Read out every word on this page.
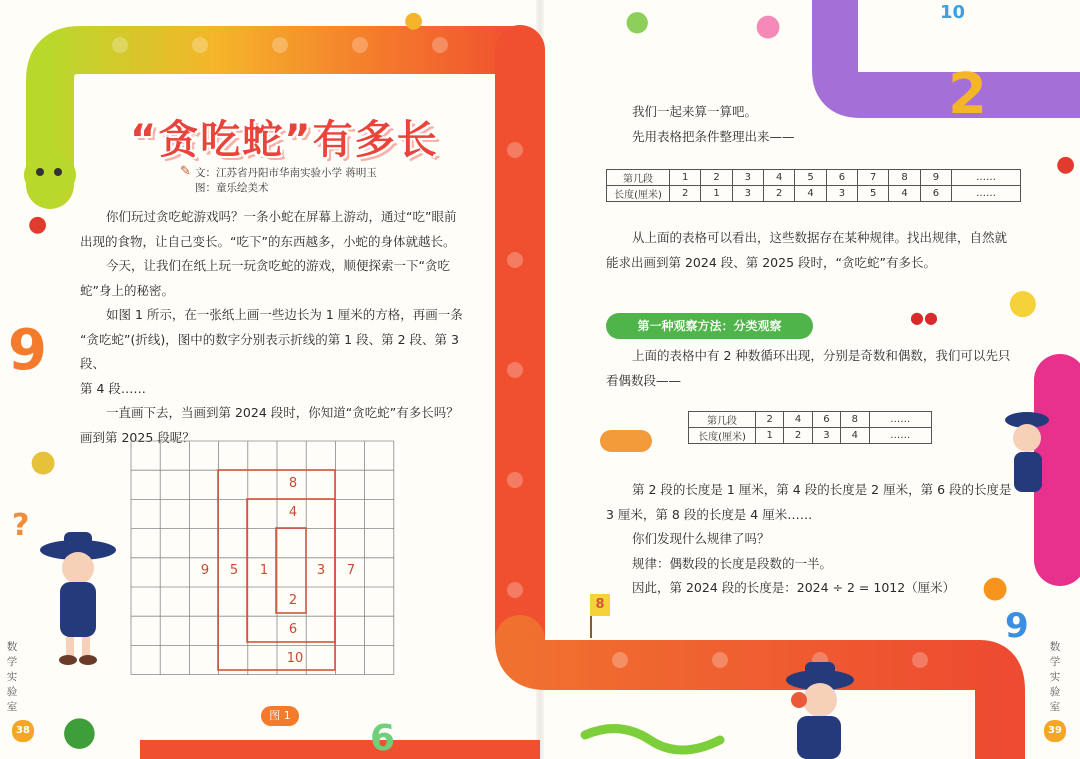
“贪吃蛇”有多长
文：江苏省丹阳市华南实验小学 蒋明玉
图：童乐绘美术
✎
你们玩过贪吃蛇游戏吗？一条小蛇在屏幕上游动，通过“吃”眼前
出现的食物，让自己变长。“吃下”的东西越多，小蛇的身体就越长。
今天，让我们在纸上玩一玩贪吃蛇的游戏，顺便探索一下“贪吃
蛇”身上的秘密。
如图 1 所示，在一张纸上画一些边长为 1 厘米的方格，再画一条
“贪吃蛇”(折线)，图中的数字分别表示折线的第 1 段、第 2 段、第 3 段、
第 4 段……
一直画下去，当画到第 2024 段时，你知道“贪吃蛇”有多长吗？
画到第 2025 段呢？
8
4
9	5	1	3	7
2
6
10
图 1
数
学
实
验
室
38
●
9
●
?
●	6
●
我们一起来算一算吧。
先用表格把条件整理出来——
第几段	1	2	3	4	5	6	7	8	9	……
长度(厘米)	2	1	3	2	4	3	5	4	6	……
从上面的表格可以看出，这些数据存在某种规律。找出规律，自然就
能求出画到第 2024 段、第 2025 段时，“贪吃蛇”有多长。
第一种观察方法：分类观察
上面的表格中有 2 种数循环出现，分别是奇数和偶数，我们可以先只
看偶数段——
第几段	2	4	6	8	……
长度(厘米)	1	2	3	4	……
第 2 段的长度是 1 厘米，第 4 段的长度是 2 厘米，第 6 段的长度是
3 厘米，第 8 段的长度是 4 厘米……
你们发现什么规律了吗？
规律：偶数段的长度是段数的一半。
因此，第 2024 段的长度是：2024 ÷ 2 = 1012（厘米）
数
学
实
验
室
39
●	●	10
2
●
●
●●
●
9
8
